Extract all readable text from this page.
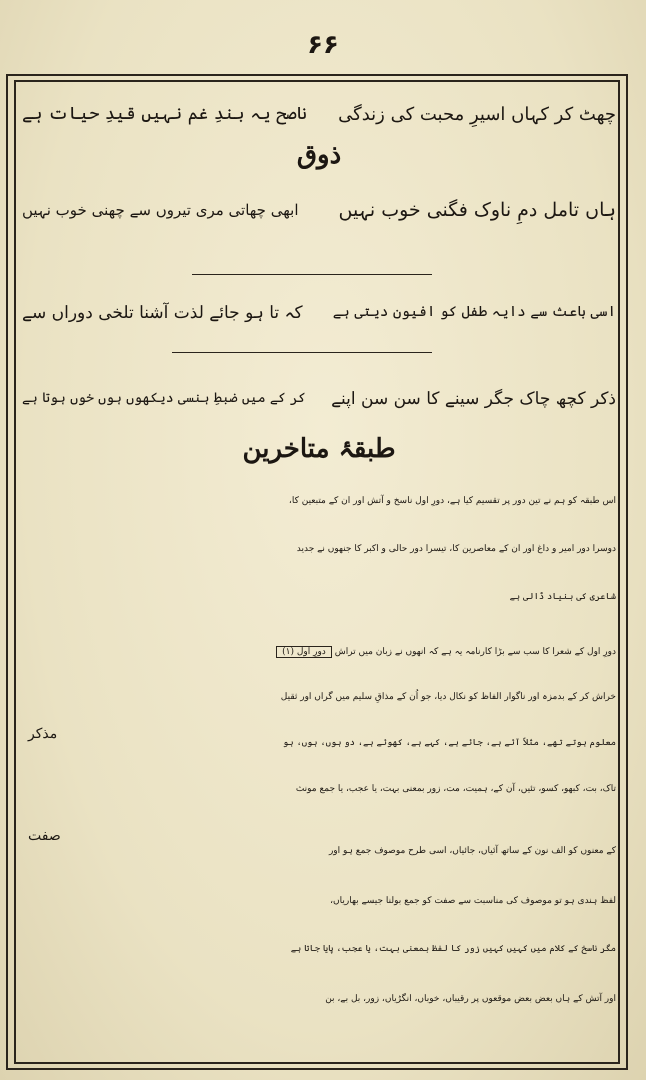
۶۶
چھٹ کر کہاں اسیرِ محبت کی زندگی
ناصح یہ بندِ غم نہیں قیدِ حیات ہے
ذوق
ہاں تامل دمِ ناوک فگنی خوب نہیں
ابھی چھاتی مری تیروں سے چھنی خوب نہیں
اسی باعث سے دایہ طفل کو افیون دیتی ہے
کہ تا ہو جائے لذت آشنا تلخی دوراں سے
ذکر کچھ چاک جگر سینے کا سن سن اپنے
کر کے میں ضبطِ ہنسی دیکھوں ہوں خوں ہوتا ہے
طبقۂ متاخرین
اس طبقہ کو ہم نے تین دور پر تقسیم کیا ہے، دورِ اول ناسخ و آتش اور ان کے متبعین کا،
دوسرا دور امیر و داغ اور ان کے معاصرین کا، تیسرا دور حالی و اکبر کا جنھوں نے جدید
شاعری کی بنیاد ڈالی ہے
دورِ اول کے شعرا کا سب سے بڑا کارنامہ یہ ہے کہ انھوں نے زبان میں تراش دورِ اول (۱)
خراش کر کے بدمزہ اور ناگوار الفاظ کو نکال دیا، جو اُن کے مذاقِ سلیم میں گراں اور ثقیل
معلوم ہوتے تھے، مثلاً آئے ہے، جائے ہے، کہے ہے، کھوئے ہے، دو ہوں، ہوں، ہو
مذکر
تاک، بت، کبھو، کسو، تئیں، آن کے، ہمیت، مت، زور بمعنی بہت، یا عجب، یا جمع مونث
صفت
کے معنوں کو الف نون کے ساتھ آئیاں، جائیاں، اسی طرح موصوف جمع ہو اور
لفظ ہندی ہو تو موصوف کی مناسبت سے صفت کو جمع بولنا جیسے بھاریاں،
مگر ناسخ کے کلام میں کہیں کہیں زور کا لفظ بمعنی بہت، یا عجب، پایا جاتا ہے
اور آتش کے ہاں بعض بعض موقعوں پر رقیباں، خوباں، انگڑیاں، زور، بل بے، بن
